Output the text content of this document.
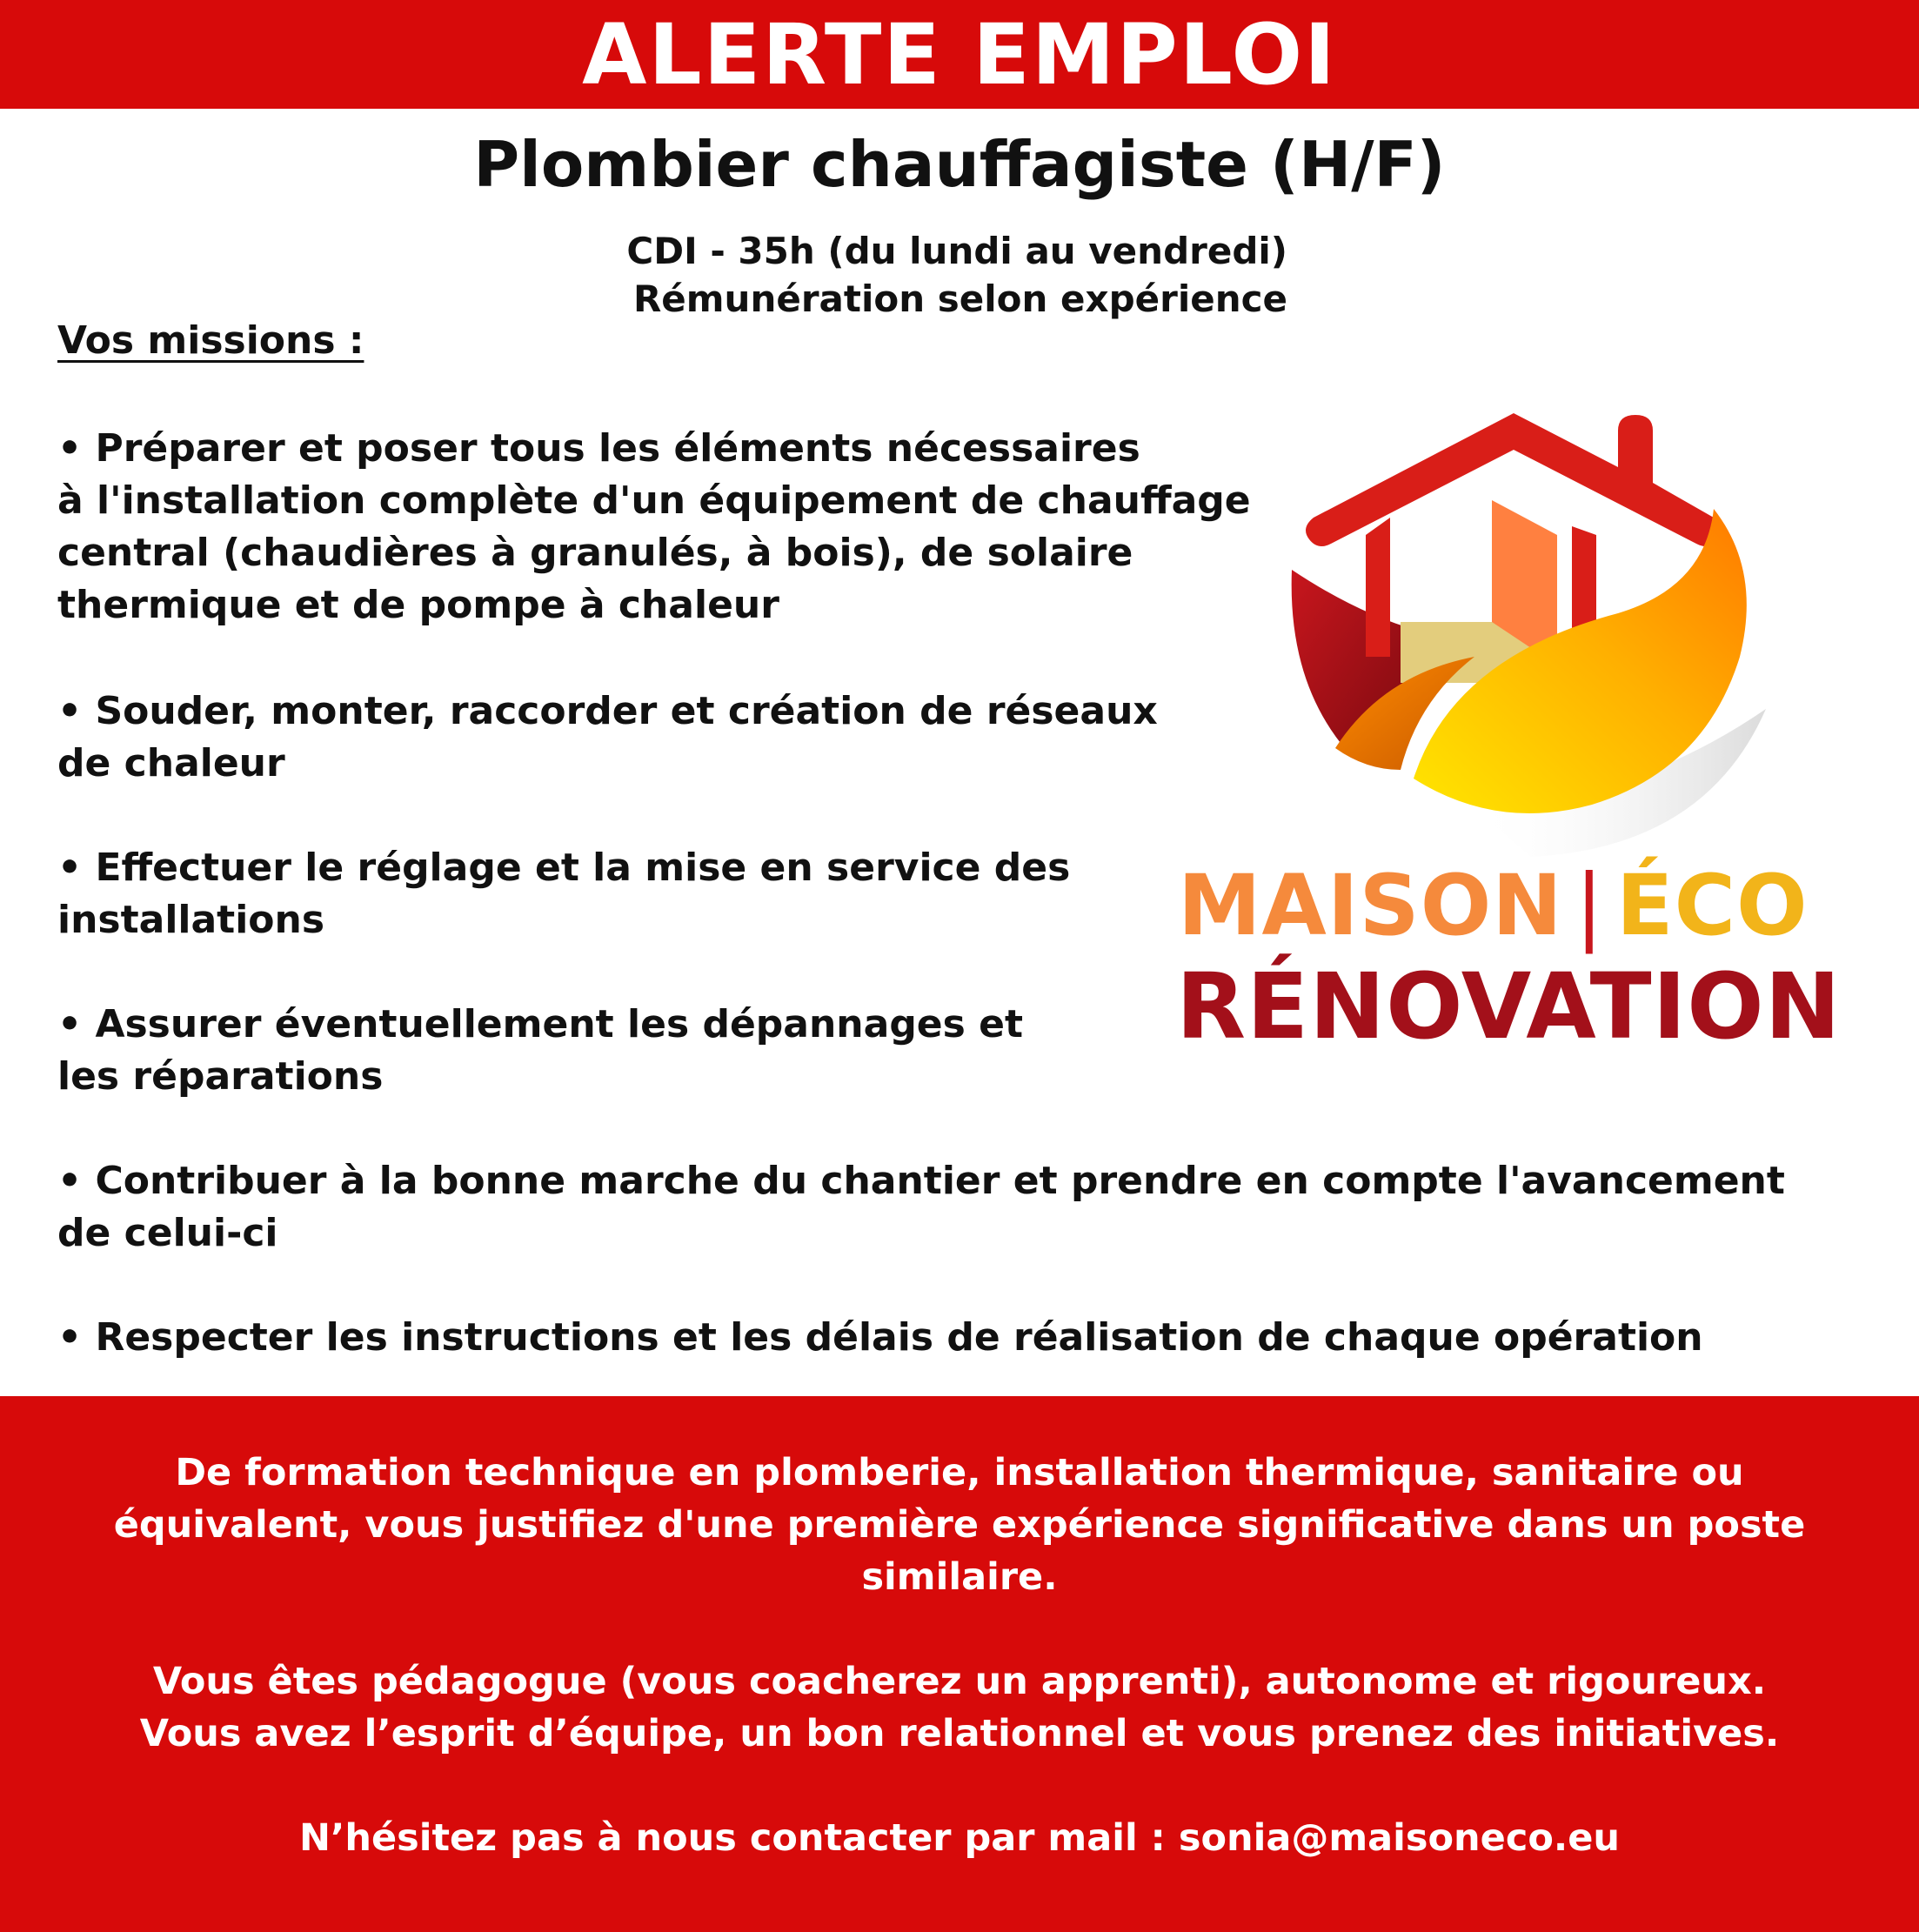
ALERTE EMPLOI
Plombier chauffagiste (H/F)
CDI - 35h (du lundi au vendredi)
Rémunération selon expérience
Vos missions :
• Préparer et poser tous les éléments nécessaires
à l'installation complète d'un équipement de chauffage
central (chaudières à granulés, à bois), de solaire
thermique et de pompe à chaleur
• Souder, monter, raccorder et création de réseaux
de chaleur
• Effectuer le réglage et la mise en service des
installations
• Assurer éventuellement les dépannages et
les réparations
• Contribuer à la bonne marche du chantier et prendre en compte l'avancement
de celui-ci
• Respecter les instructions et les délais de réalisation de chaque opération
MAISON | ÉCO
RÉNOVATION
De formation technique en plomberie, installation thermique, sanitaire ou
équivalent, vous justifiez d'une première expérience significative dans un poste
similaire.
Vous êtes pédagogue (vous coacherez un apprenti), autonome et rigoureux.
Vous avez l’esprit d’équipe, un bon relationnel et vous prenez des initiatives.
N’hésitez pas à nous contacter par mail : sonia@maisoneco.eu
